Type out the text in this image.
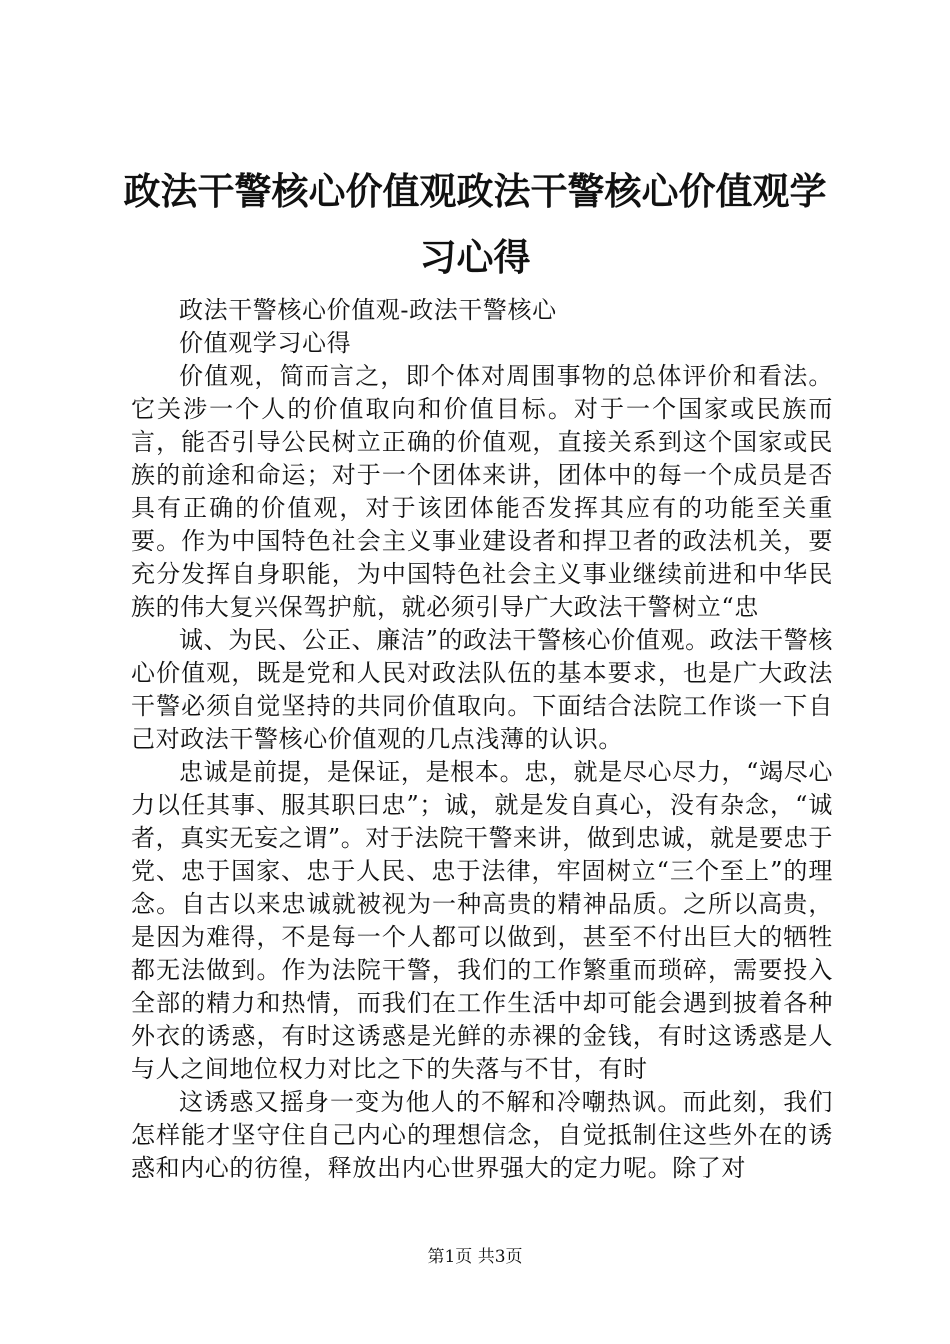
政法干警核心价值观政法干警核心价值观学习心得

政法干警核心价值观-政法干警核心

价值观学习心得

价值观，简而言之，即个体对周围事物的总体评价和看法。它关涉一个人的价值取向和价值目标。对于一个国家或民族而言，能否引导公民树立正确的价值观，直接关系到这个国家或民族的前途和命运；对于一个团体来讲，团体中的每一个成员是否具有正确的价值观，对于该团体能否发挥其应有的功能至关重要。作为中国特色社会主义事业建设者和捍卫者的政法机关，要充分发挥自身职能，为中国特色社会主义事业继续前进和中华民族的伟大复兴保驾护航，就必须引导广大政法干警树立“忠

诚、为民、公正、廉洁”的政法干警核心价值观。政法干警核心价值观，既是党和人民对政法队伍的基本要求，也是广大政法干警必须自觉坚持的共同价值取向。下面结合法院工作谈一下自己对政法干警核心价值观的几点浅薄的认识。

忠诚是前提，是保证，是根本。忠，就是尽心尽力，“竭尽心力以任其事、服其职曰忠”；诚，就是发自真心，没有杂念，“诚者，真实无妄之谓”。对于法院干警来讲，做到忠诚，就是要忠于党、忠于国家、忠于人民、忠于法律，牢固树立“三个至上”的理念。自古以来忠诚就被视为一种高贵的精神品质。之所以高贵，是因为难得，不是每一个人都可以做到，甚至不付出巨大的牺牲都无法做到。作为法院干警，我们的工作繁重而琐碎，需要投入全部的精力和热情，而我们在工作生活中却可能会遇到披着各种外衣的诱惑，有时这诱惑是光鲜的赤裸的金钱，有时这诱惑是人与人之间地位权力对比之下的失落与不甘，有时

这诱惑又摇身一变为他人的不解和冷嘲热讽。而此刻，我们怎样能才坚守住自己内心的理想信念，自觉抵制住这些外在的诱惑和内心的彷徨，释放出内心世界强大的定力呢。除了对

第1页 共3页
